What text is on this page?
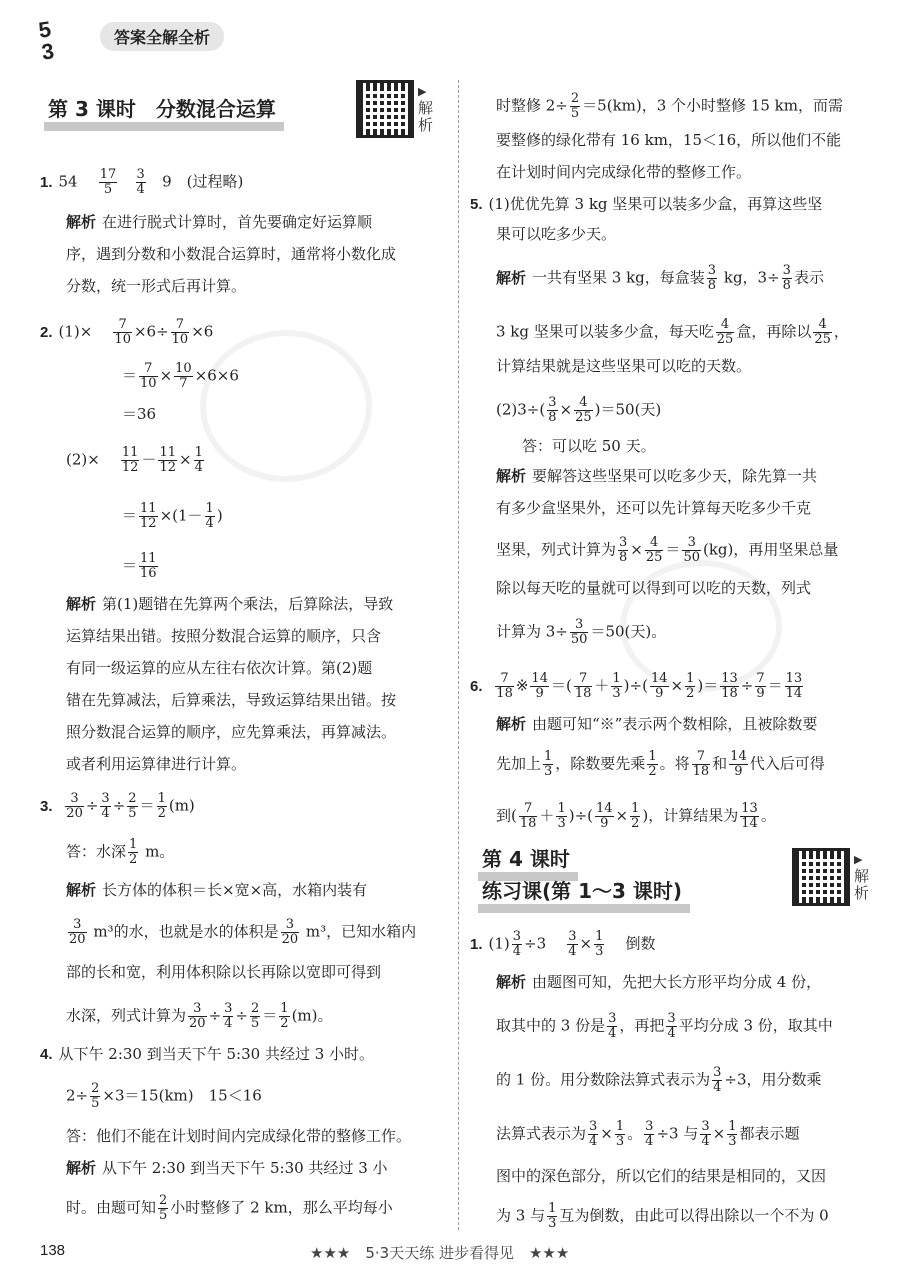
5
3
答案全解全析
第 3 课时　分数混合运算
▶
解析
1. $54 \frac{17}{5}$
$\frac{3}{4} 9$　(过程略)
解析 在进行脱式计算时，首先要确定好运算顺
序，遇到分数和小数混合运算时，通常将小数化成
分数，统一形式后再计算。
2. $(1)\times \frac{7}{10} \times 6\div \frac{7}{10} \times 6$
＝ $\frac{7}{10} \times \frac{10}{7} \times 6\times 6$
＝36
$(2)\times \frac{11}{12} - \frac{11}{12} \times \frac{1}{4}$
＝ $\frac{11}{12} \times(1- \frac{1}{4}$ )
＝ $\frac{11}{16}$
解析 第(1)题错在先算两个乘法，后算除法，导致
运算结果出错。按照分数混合运算的顺序，只含
有同一级运算的应从左往右依次计算。第(2)题
错在先算减法，后算乘法，导致运算结果出错。按
照分数混合运算的顺序，应先算乘法，再算减法。
或者利用运算律进行计算。
3. $\frac{3}{20} \div \frac{3}{4} \div \frac{2}{5} = \frac{1}{2} (m)$
答：水深 $\frac{1}{2}$ m。
解析 长方体的体积＝长×宽×高，水箱内装有
$\frac{3}{20} m^3$的水，也就是水的体积是 $\frac{3}{20} m^3$，已知水箱内
部的长和宽，利用体积除以长再除以宽即可得到
水深，列式计算为 $\frac{3}{20} \div \frac{3}{4} \div \frac{2}{5} = \frac{1}{2} (m)$。
4. 从下午 2:30 到当天下午 5:30 共经过 3 小时。
$2\div \frac{2}{5} \times 3=15(km)$　15＜16
答：他们不能在计划时间内完成绿化带的整修工作。
解析 从下午 2:30 到当天下午 5:30 共经过 3 小
时。由题可知 $\frac{2}{5}$ 小时整修了 2 km，那么平均每小
时整修 $2\div \frac{2}{5} =5(km)$，3 个小时整修 15 km，而需
要整修的绿化带有 16 km，15＜16，所以他们不能
在计划时间内完成绿化带的整修工作。
5. (1)优优先算 3 kg 坚果可以装多少盒，再算这些坚
果可以吃多少天。
解析 一共有坚果 3 kg，每盒装 $\frac{3}{8}$ kg，$3\div \frac{3}{8}$ 表示
3 kg 坚果可以装多少盒，每天吃 $\frac{4}{25}$ 盒，再除以 $\frac{4}{25}$ ，
计算结果就是这些坚果可以吃的天数。
$(2)3\div( \frac{3}{8} \times \frac{4}{25} )=50$(天)
答：可以吃 50 天。
解析 要解答这些坚果可以吃多少天，除先算一共
有多少盒坚果外，还可以先计算每天吃多少千克
坚果，列式计算为 $\frac{3}{8} \times \frac{4}{25} = \frac{3}{50} (kg)$，再用坚果总量
除以每天吃的量就可以得到可以吃的天数，列式
计算为 $3\div \frac{3}{50} =50$(天)。
6. $\frac{7}{18}$ ※ $\frac{14}{9}$ ＝( $\frac{7}{18} + \frac{1}{3}$ )÷( $\frac{14}{9} \times \frac{1}{2}$ )＝ $\frac{13}{18} \div \frac{7}{9} = \frac{13}{14}$
解析 由题可知“※”表示两个数相除，且被除数要
先加上 $\frac{1}{3}$ ，除数要先乘 $\frac{1}{2}$ 。将 $\frac{7}{18}$ 和 $\frac{14}{9}$ 代入后可得
到( $\frac{7}{18} + \frac{1}{3}$ )÷( $\frac{14}{9} \times \frac{1}{2}$ )，计算结果为 $\frac{13}{14}$ 。
第 4 课时
练习课(第 1～3 课时)
▶
解析
1. $(1) \frac{3}{4} \div 3 \frac{3}{4} \times \frac{1}{3}$ 倒数
解析 由题图可知，先把大长方形平均分成 4 份，
取其中的 3 份是 $\frac{3}{4}$ ，再把 $\frac{3}{4}$ 平均分成 3 份，取其中
的 1 份。用分数除法算式表示为 $\frac{3}{4} \div 3$，用分数乘
法算式表示为 $\frac{3}{4} \times \frac{1}{3}$ 。 $\frac{3}{4} \div 3$ 与 $\frac{3}{4} \times \frac{1}{3}$ 都表示题
图中的深色部分，所以它们的结果是相同的，又因
为 3 与 $\frac{1}{3}$ 互为倒数，由此可以得出除以一个不为 0
138	★★★　5·3天天练 进步看得见　★★★
